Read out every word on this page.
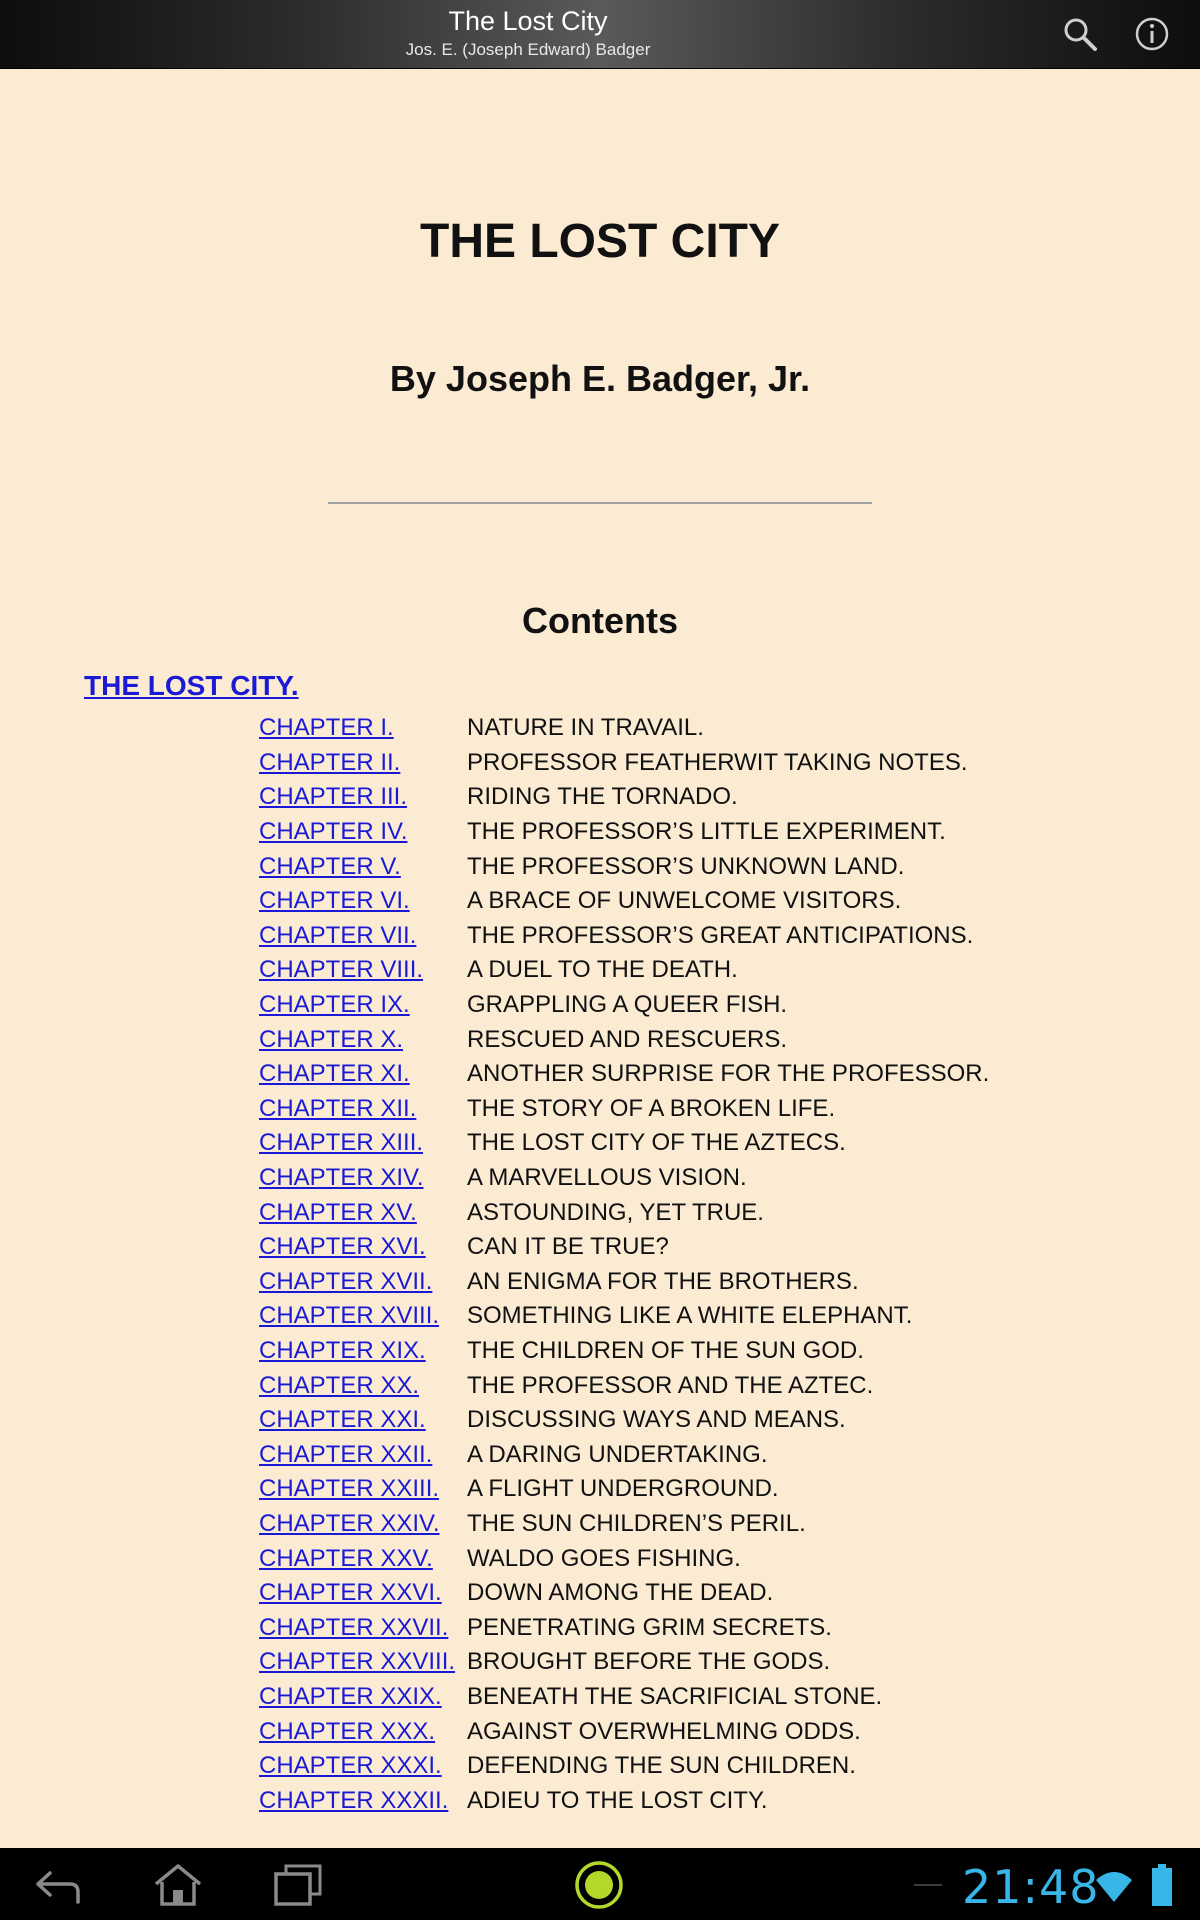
The Lost City
Jos. E. (Joseph Edward) Badger
THE LOST CITY
By Joseph E. Badger, Jr.
Contents
THE LOST CITY.
CHAPTER I.	NATURE IN TRAVAIL.
CHAPTER II.	PROFESSOR FEATHERWIT TAKING NOTES.
CHAPTER III.	RIDING THE TORNADO.
CHAPTER IV.	THE PROFESSOR’S LITTLE EXPERIMENT.
CHAPTER V.	THE PROFESSOR’S UNKNOWN LAND.
CHAPTER VI.	A BRACE OF UNWELCOME VISITORS.
CHAPTER VII.	THE PROFESSOR’S GREAT ANTICIPATIONS.
CHAPTER VIII.	A DUEL TO THE DEATH.
CHAPTER IX.	GRAPPLING A QUEER FISH.
CHAPTER X.	RESCUED AND RESCUERS.
CHAPTER XI.	ANOTHER SURPRISE FOR THE PROFESSOR.
CHAPTER XII.	THE STORY OF A BROKEN LIFE.
CHAPTER XIII.	THE LOST CITY OF THE AZTECS.
CHAPTER XIV.	A MARVELLOUS VISION.
CHAPTER XV.	ASTOUNDING, YET TRUE.
CHAPTER XVI.	CAN IT BE TRUE?
CHAPTER XVII.	AN ENIGMA FOR THE BROTHERS.
CHAPTER XVIII.	SOMETHING LIKE A WHITE ELEPHANT.
CHAPTER XIX.	THE CHILDREN OF THE SUN GOD.
CHAPTER XX.	THE PROFESSOR AND THE AZTEC.
CHAPTER XXI.	DISCUSSING WAYS AND MEANS.
CHAPTER XXII.	A DARING UNDERTAKING.
CHAPTER XXIII.	A FLIGHT UNDERGROUND.
CHAPTER XXIV.	THE SUN CHILDREN’S PERIL.
CHAPTER XXV.	WALDO GOES FISHING.
CHAPTER XXVI.	DOWN AMONG THE DEAD.
CHAPTER XXVII. PENETRATING GRIM SECRETS.
CHAPTER XXVIII. BROUGHT BEFORE THE GODS.
CHAPTER XXIX.	BENEATH THE SACRIFICIAL STONE.
CHAPTER XXX.	AGAINST OVERWHELMING ODDS.
CHAPTER XXXI.	DEFENDING THE SUN CHILDREN.
CHAPTER XXXII. ADIEU TO THE LOST CITY.
21:48
